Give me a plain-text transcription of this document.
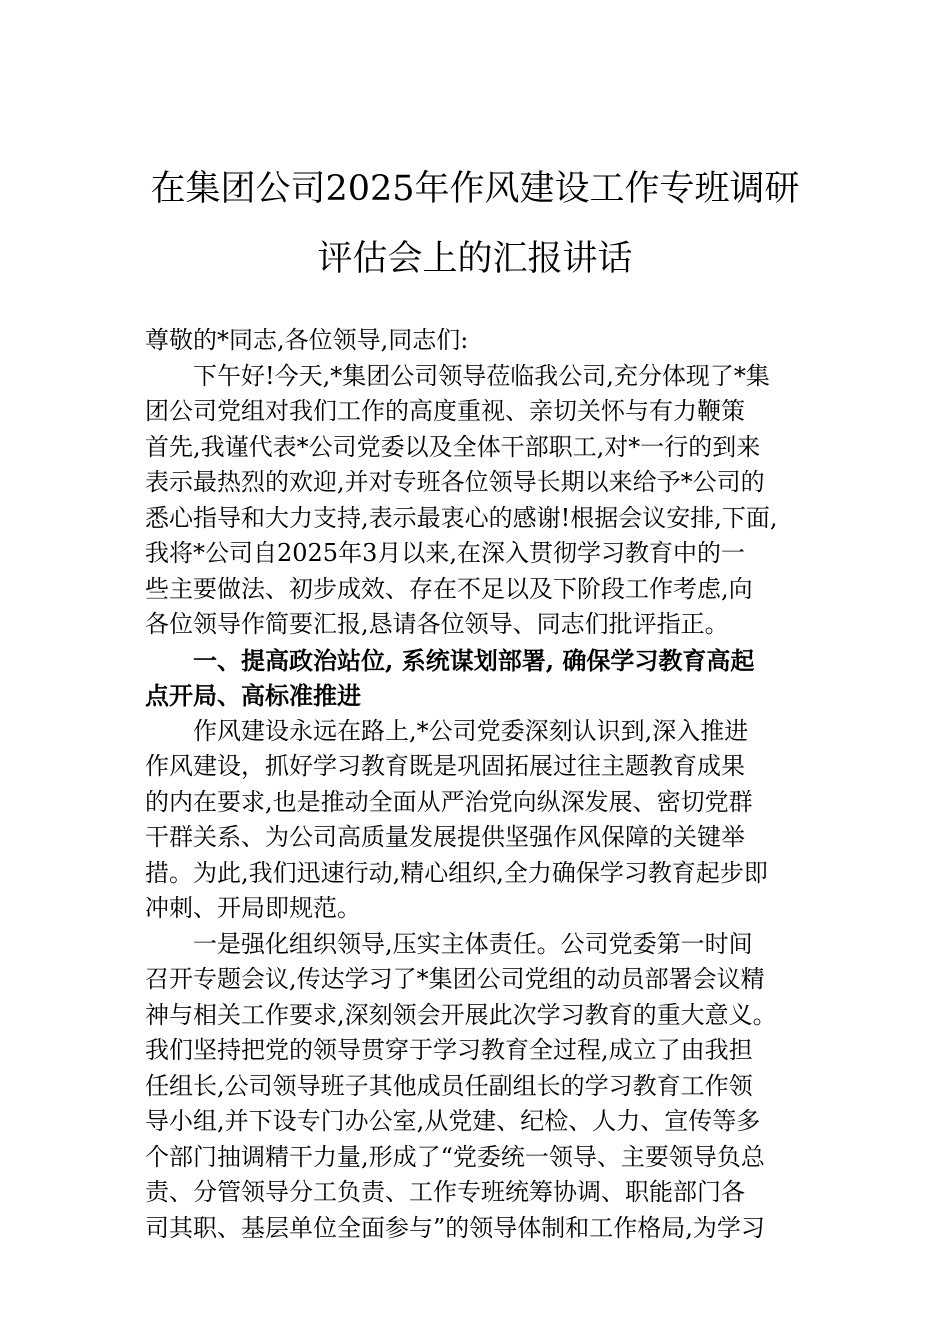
在集团公司2025年作风建设工作专班调研
评估会上的汇报讲话
尊敬的*同志,各位领导,同志们:
下午好!今天,*集团公司领导莅临我公司,充分体现了*集
团公司党组对我们工作的高度重视、亲切关怀与有力鞭策
首先,我谨代表*公司党委以及全体干部职工,对*一行的到来
表示最热烈的欢迎,并对专班各位领导长期以来给予*公司的
悉心指导和大力支持,表示最衷心的感谢!根据会议安排,下面,
我将*公司自2025年3月以来,在深入贯彻学习教育中的一
些主要做法、初步成效、存在不足以及下阶段工作考虑,向
各位领导作简要汇报,恳请各位领导、同志们批评指正。
一、提高政治站位, 系统谋划部署, 确保学习教育高起
点开局、高标准推进
作风建设永远在路上,*公司党委深刻认识到,深入推进
作风建设，抓好学习教育既是巩固拓展过往主题教育成果
的内在要求,也是推动全面从严治党向纵深发展、密切党群
干群关系、为公司高质量发展提供坚强作风保障的关键举
措。为此,我们迅速行动,精心组织,全力确保学习教育起步即
冲刺、开局即规范。
一是强化组织领导,压实主体责任。公司党委第一时间
召开专题会议,传达学习了*集团公司党组的动员部署会议精
神与相关工作要求,深刻领会开展此次学习教育的重大意义。
我们坚持把党的领导贯穿于学习教育全过程,成立了由我担
任组长,公司领导班子其他成员任副组长的学习教育工作领
导小组,并下设专门办公室,从党建、纪检、人力、宣传等多
个部门抽调精干力量,形成了“党委统一领导、主要领导负总
责、分管领导分工负责、工作专班统筹协调、职能部门各
司其职、基层单位全面参与”的领导体制和工作格局,为学习
